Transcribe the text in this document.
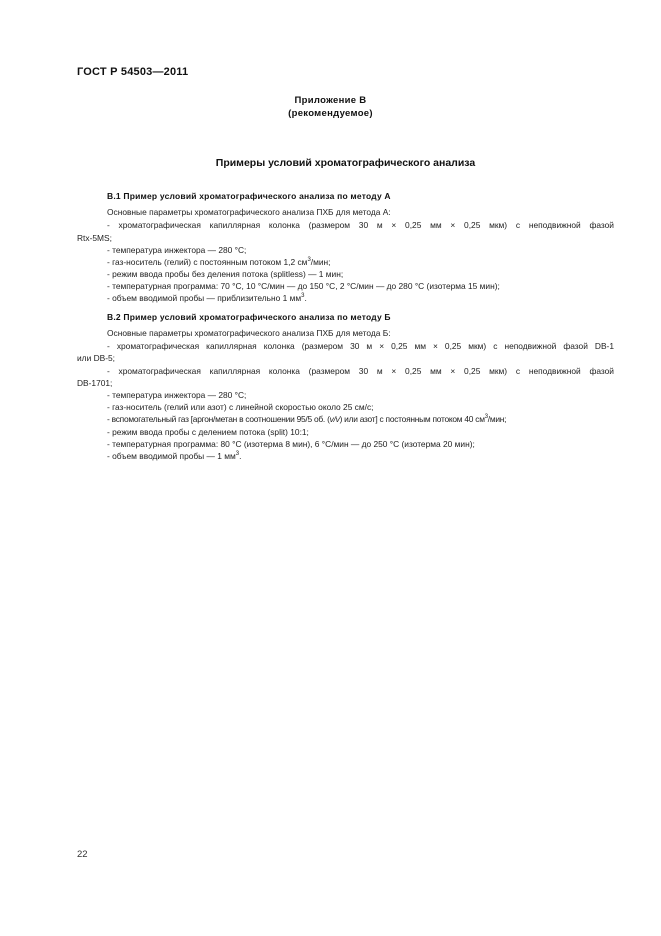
ГОСТ Р 54503—2011
Приложение В
(рекомендуемое)
Примеры условий хроматографического анализа
В.1 Пример условий хроматографического анализа по методу А
Основные параметры хроматографического анализа ПХБ для метода А:
- хроматографическая капиллярная колонка (размером 30 м × 0,25 мм × 0,25 мкм) с неподвижной фазой
Rtx-5MS;
- температура инжектора — 280 °С;
- газ-носитель (гелий) с постоянным потоком 1,2 $см^3$/мин;
- режим ввода пробы без деления потока (splitless) — 1 мин;
- температурная программа: 70 °С, 10 °С/мин — до 150 °С, 2 °С/мин — до 280 °С (изотерма 15 мин);
- объем вводимой пробы — приблизительно 1 $мм^3$.
В.2 Пример условий хроматографического анализа по методу Б
Основные параметры хроматографического анализа ПХБ для метода Б:
- хроматографическая капиллярная колонка (размером 30 м × 0,25 мм × 0,25 мкм) с неподвижной фазой DB-1
или DB-5;
- хроматографическая капиллярная колонка (размером 30 м × 0,25 мм × 0,25 мкм) с неподвижной фазой
DB-1701;
- температура инжектора — 280 °С;
- газ-носитель (гелий или азот) с линейной скоростью около 25 см/с;
- вспомогательный газ [аргон/метан в соотношении 95/5 об. (v/v) или азот] с постоянным потоком 40 $см^3$/мин;
- режим ввода пробы с делением потока (split) 10:1;
- температурная программа: 80 °С (изотерма 8 мин), 6 °С/мин — до 250 °С (изотерма 20 мин);
- объем вводимой пробы — 1 $мм^3$.
22
